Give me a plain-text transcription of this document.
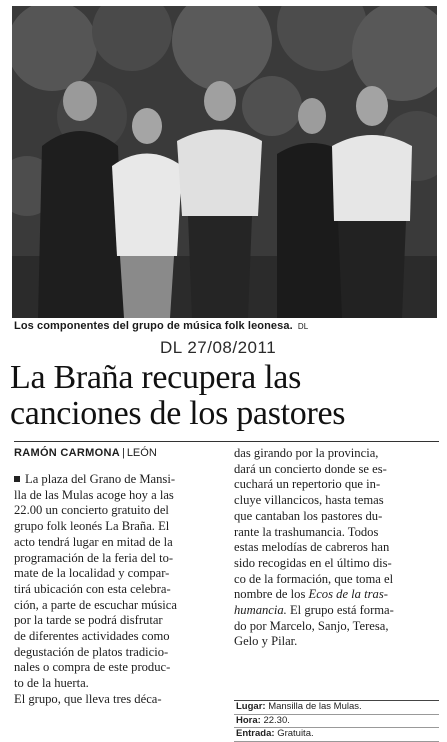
Los componentes del grupo de música folk leonesa. DL
DL 27/08/2011
La Braña recupera las
canciones de los pastores
RAMÓN CARMONA | LEÓN
La plaza del Grano de Mansi-
lla de las Mulas acoge hoy a las
22.00 un concierto gratuito del
grupo folk leonés La Braña. El
acto tendrá lugar en mitad de la
programación de la feria del to-
mate de la localidad y compar-
tirá ubicación con esta celebra-
ción, a parte de escuchar música
por la tarde se podrá disfrutar
de diferentes actividades como
degustación de platos tradicio-
nales o compra de este produc-
to de la huerta.
El grupo, que lleva tres déca-
das girando por la provincia,
dará un concierto donde se es-
cuchará un repertorio que in-
cluye villancicos, hasta temas
que cantaban los pastores du-
rante la trashumancia. Todos
estas melodías de cabreros han
sido recogidas en el último dis-
co de la formación, que toma el
nombre de los Ecos de la tras-
humancia. El grupo está forma-
do por Marcelo, Sanjo, Teresa,
Gelo y Pilar.
Lugar: Mansilla de las Mulas.
Hora: 22.30.
Entrada: Gratuita.
